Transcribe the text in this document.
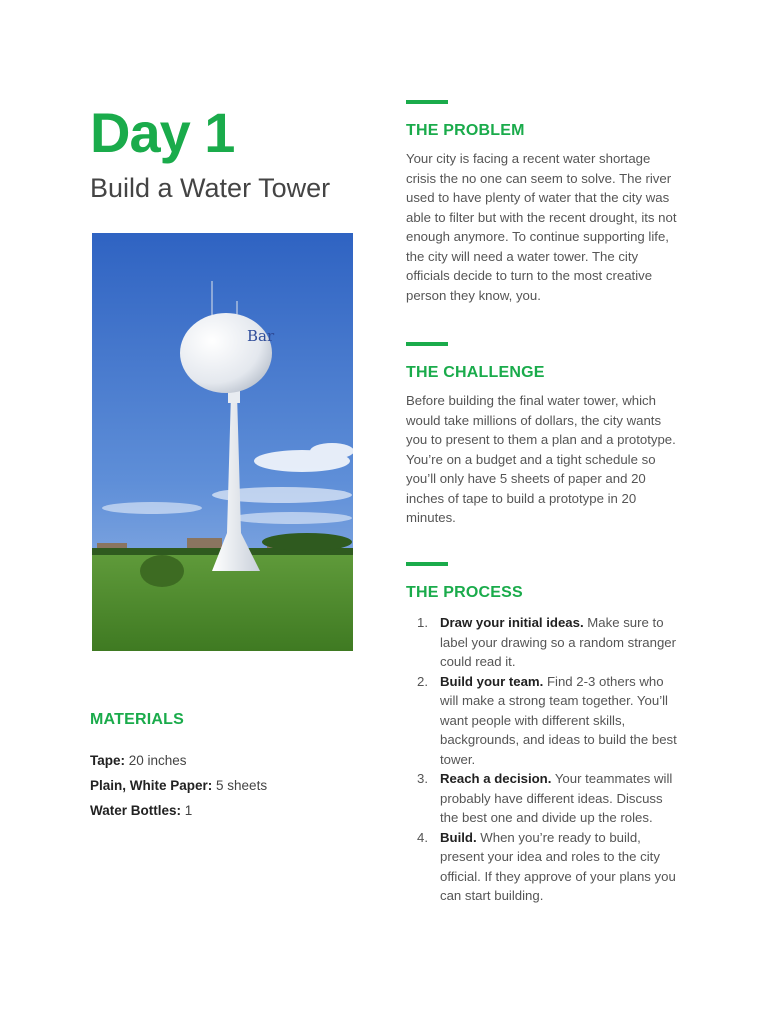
Day 1
Build a Water Tower
Bar
MATERIALS
Tape: 20 inches
Plain, White Paper: 5 sheets
Water Bottles: 1
THE PROBLEM

Your city is facing a recent water shortage crisis the no one can seem to solve. The river used to have plenty of water that the city was able to filter but with the recent drought, its not enough anymore. To continue supporting life, the city will need a water tower. The city officials decide to turn to the most creative person they know, you.

THE CHALLENGE

Before building the final water tower, which would take millions of dollars, the city wants you to present to them a plan and a prototype. You’re on a budget and a tight schedule so you’ll only have 5 sheets of paper and 20 inches of tape to build a prototype in 20 minutes.

THE PROCESS
1. Draw your initial ideas. Make sure to label your drawing so a random stranger could read it.
2. Build your team. Find 2-3 others who will make a strong team together. You’ll want people with different skills, backgrounds, and ideas to build the best tower.
3. Reach a decision. Your teammates will probably have different ideas. Discuss the best one and divide up the roles.
4. Build. When you’re ready to build, present your idea and roles to the city official. If they approve of your plans you can start building.
